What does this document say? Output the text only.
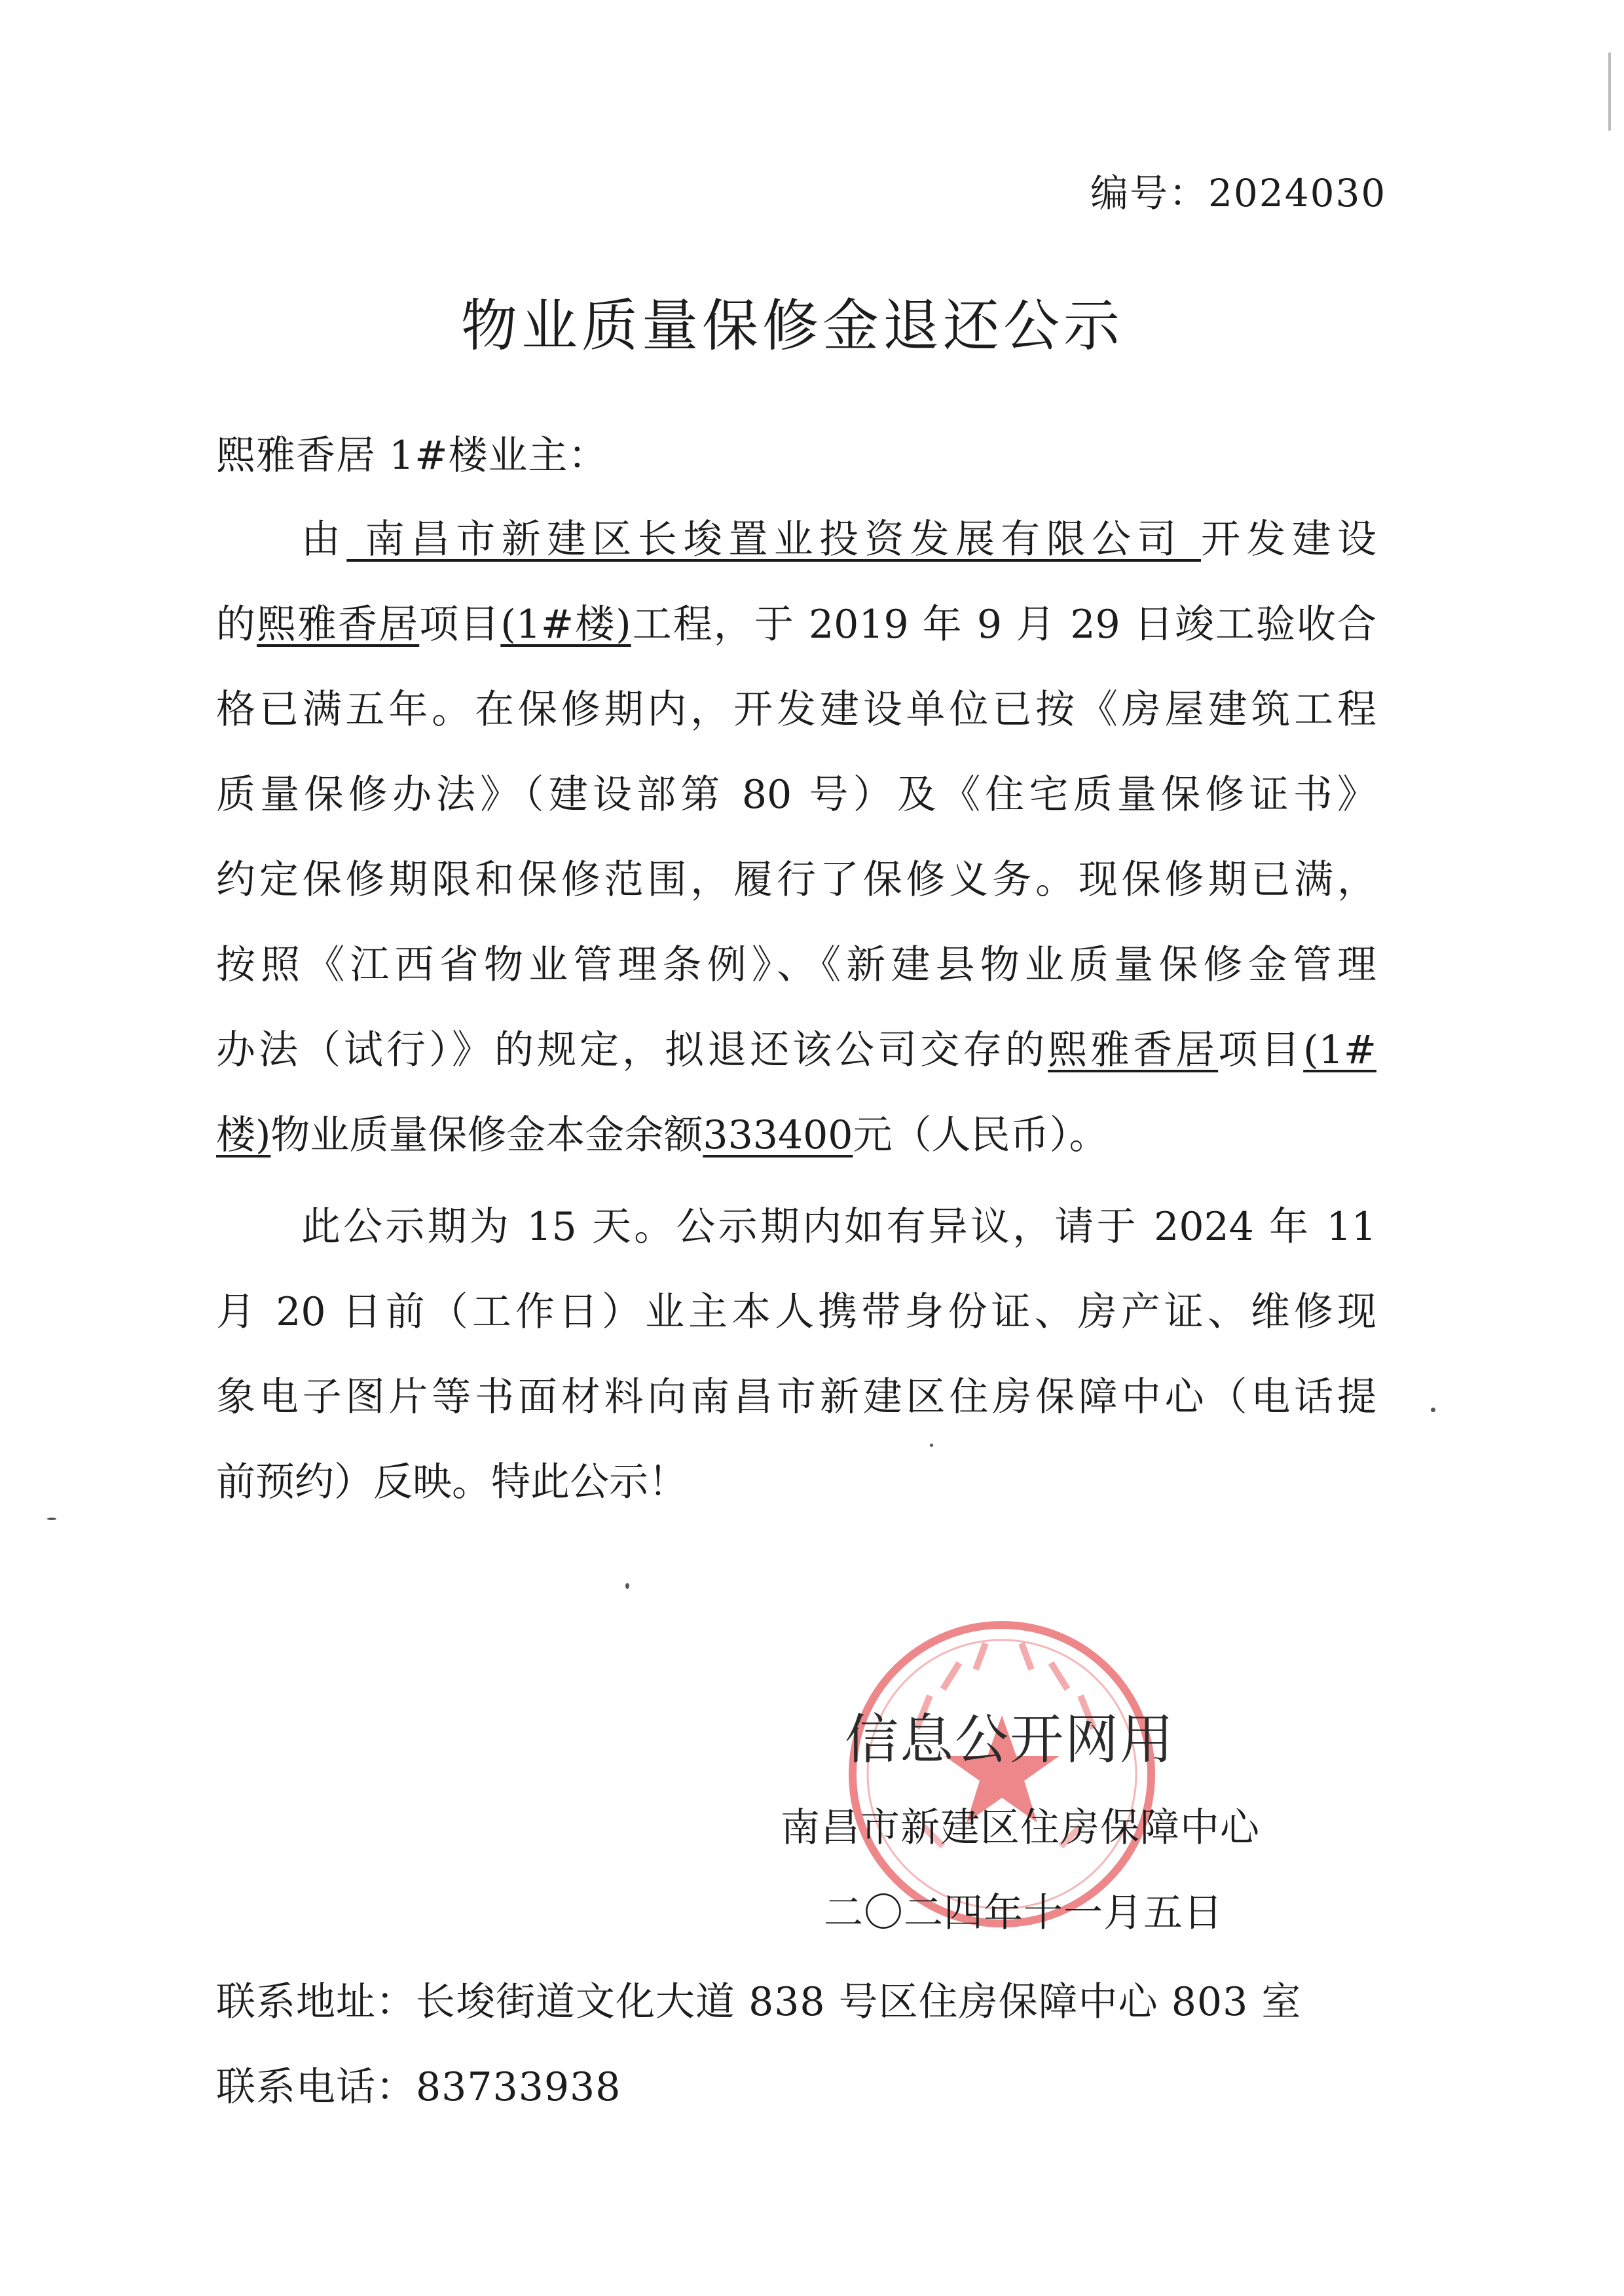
编号：2024030
物业质量保修金退还公示
熙雅香居 1#楼业主：
由 南昌市新建区长埈置业投资发展有限公司 开发建设
的熙雅香居项目(1#楼)工程，于 2019 年 9 月 29 日竣工验收合
格已满五年。在保修期内，开发建设单位已按《房屋建筑工程
质量保修办法》（建设部第 80 号）及《住宅质量保修证书》
约定保修期限和保修范围，履行了保修义务。现保修期已满，
按照《江西省物业管理条例》、《新建县物业质量保修金管理
办法（试行）》的规定，拟退还该公司交存的熙雅香居项目(1#
楼)物业质量保修金本金余额333400元（人民币）。
此公示期为 15 天。公示期内如有异议，请于 2024 年 11
月 20 日前（工作日）业主本人携带身份证、房产证、维修现
象电子图片等书面材料向南昌市新建区住房保障中心（电话提
前预约）反映。特此公示！
信息公开网用
南昌市新建区住房保障中心
二〇二四年十一月五日
联系地址：长埈街道文化大道 838 号区住房保障中心 803 室
联系电话：83733938
